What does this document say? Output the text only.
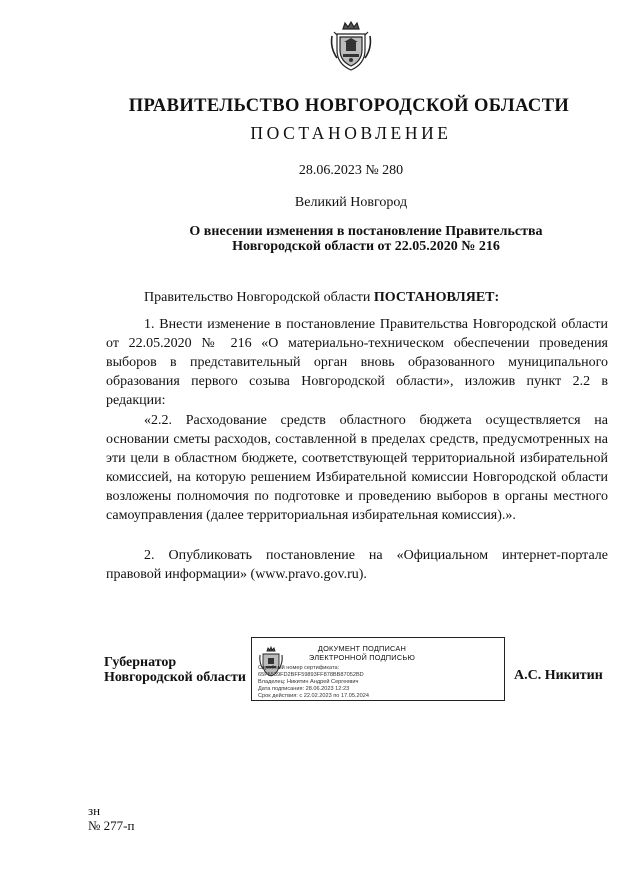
ПРАВИТЕЛЬСТВО НОВГОРОДСКОЙ ОБЛАСТИ
ПОСТАНОВЛЕНИЕ
28.06.2023 № 280
Великий Новгород
О внесении изменения в постановление Правительства
Новгородской области от 22.05.2020 № 216

Правительство Новгородской области ПОСТАНОВЛЯЕТ:

1. Внести изменение в постановление Правительства Новгородской области от 22.05.2020 № 216 «О материально-техническом обеспечении проведения выборов в представительный орган вновь образованного муниципального образования первого созыва Новгородской области», изложив пункт 2.2 в редакции:

«2.2. Расходование средств областного бюджета осуществляется на основании сметы расходов, составленной в пределах средств, предусмотренных на эти цели в областном бюджете, соответствующей территориальной избирательной комиссией, на которую решением Избирательной комиссии Новгородской области возложены полномочия по подготовке и проведению выборов в органы местного самоуправления (далее территориальная избирательная комиссия).».

2. Опубликовать постановление на «Официальном интернет-портале правовой информации» (www.pravo.gov.ru).

Губернатор
Новгородской области
ДОКУМЕНТ ПОДПИСАН
ЭЛЕКТРОННОЙ ПОДПИСЬЮ
Серийный номер сертификата:
65F5539FD2BFF59893FF878BB87052BD
Владелец: Никитин Андрей Сергеевич
Дата подписания: 28.06.2023 12:23
Срок действия: с 22.02.2023 по 17.05.2024
А.С. Никитин
зн
№ 277-п
